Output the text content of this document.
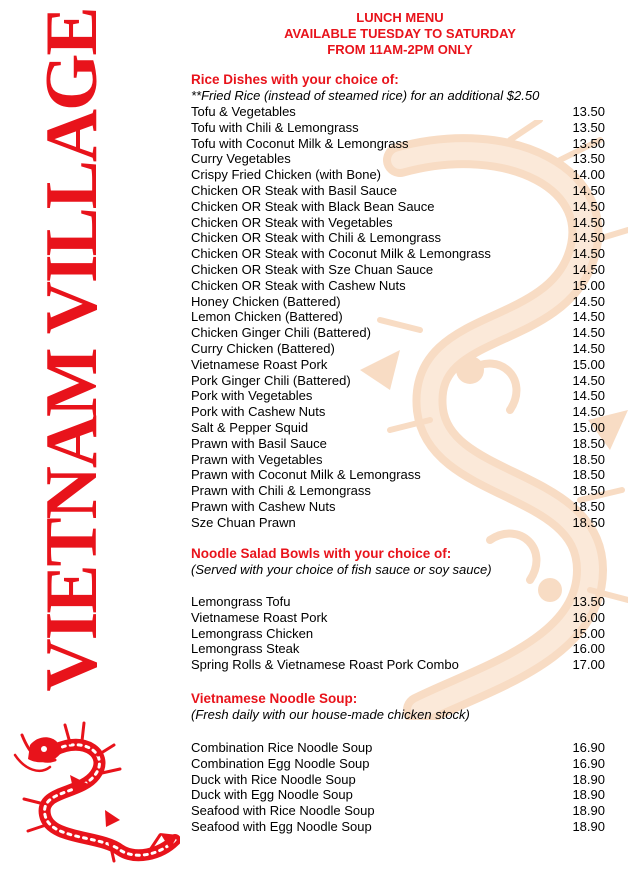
VIETNAM VILLAGE	LUNCH MENU
AVAILABLE TUESDAY TO SATURDAY
FROM 11AM-2PM ONLY
Rice Dishes with your choice of:
**Fried Rice (instead of steamed rice) for an additional $2.50
Tofu & Vegetables	13.50
Tofu with Chili & Lemongrass	13.50
Tofu with Coconut Milk & Lemongrass	13.50
Curry Vegetables	13.50
Crispy Fried Chicken (with Bone)	14.00
Chicken OR Steak with Basil Sauce	14.50
Chicken OR Steak with Black Bean Sauce	14.50
Chicken OR Steak with Vegetables	14.50
Chicken OR Steak with Chili & Lemongrass	14.50
Chicken OR Steak with Coconut Milk & Lemongrass	14.50
Chicken OR Steak with Sze Chuan Sauce	14.50
Chicken OR Steak with Cashew Nuts	15.00
Honey Chicken (Battered)	14.50
Lemon Chicken (Battered)	14.50
Chicken Ginger Chili (Battered)	14.50
Curry Chicken (Battered)	14.50
Vietnamese Roast Pork	15.00
Pork Ginger Chili (Battered)	14.50
Pork with Vegetables	14.50
Pork with Cashew Nuts	14.50
Salt & Pepper Squid	15.00
Prawn with Basil Sauce	18.50
Prawn with Vegetables	18.50
Prawn with Coconut Milk & Lemongrass	18.50
Prawn with Chili & Lemongrass	18.50
Prawn with Cashew Nuts	18.50
Sze Chuan Prawn	18.50
Noodle Salad Bowls with your choice of:
(Served with your choice of fish sauce or soy sauce)
Lemongrass Tofu	13.50
Vietnamese Roast Pork	16.00
Lemongrass Chicken	15.00
Lemongrass Steak	16.00
Spring Rolls & Vietnamese Roast Pork Combo	17.00
Vietnamese Noodle Soup:
(Fresh daily with our house-made chicken stock)
Combination Rice Noodle Soup	16.90
Combination Egg Noodle Soup	16.90
Duck with Rice Noodle Soup	18.90
Duck with Egg Noodle Soup	18.90
Seafood with Rice Noodle Soup	18.90
Seafood with Egg Noodle Soup	18.90
